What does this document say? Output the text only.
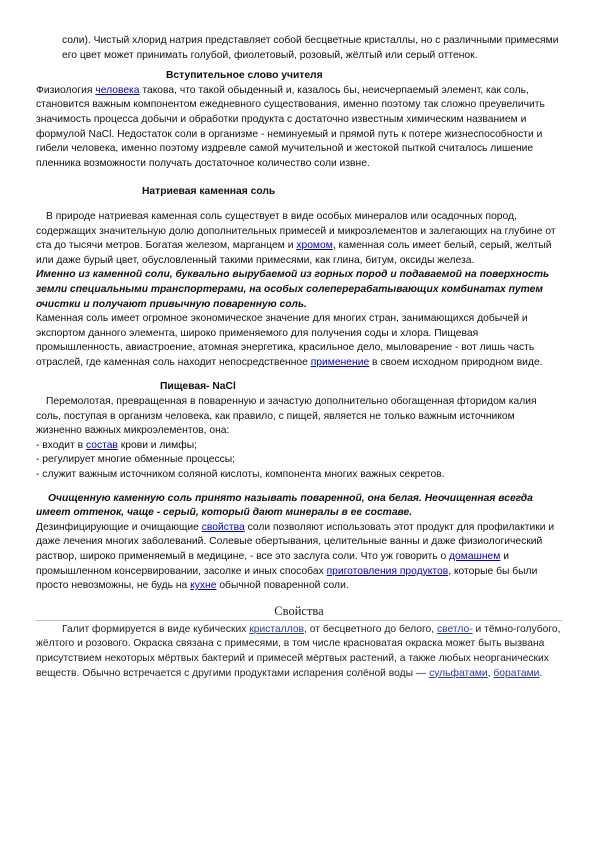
соли). Чистый хлорид натрия представляет собой бесцветные кристаллы, но с различными примесями его цвет может принимать голубой, фиолетовый, розовый, жёлтый или серый оттенок.

Вступительное слово учителя

Физиология человека такова, что такой обыденный и, казалось бы, неисчерпаемый элемент, как соль, становится важным компонентом ежедневного существования, именно поэтому так сложно преувеличить значимость процесса добычи и обработки продукта с достаточно известным химическим названием и формулой NaCl. Недостаток соли в организме - неминуемый и прямой путь к потере жизнеспособности и гибели человека, именно поэтому издревле самой мучительной и жестокой пыткой считалось лишение пленника возможности получать достаточное количество соли извне.

Натриевая каменная соль

В природе натриевая каменная соль существует в виде особых минералов или осадочных пород, содержащих значительную долю дополнительных примесей и микроэлементов и залегающих на глубине от ста до тысячи метров. Богатая железом, марганцем и хромом, каменная соль имеет белый, серый, желтый или даже бурый цвет, обусловленный такими примесями, как глина, битум, оксиды железа.

Именно из каменной соли, буквально вырубаемой из горных пород и подаваемой на поверхность земли специальными транспортерами, на особых солеперерабатывающих комбинатах путем очистки и получают привычную поваренную соль.

Каменная соль имеет огромное экономическое значение для многих стран, занимающихся добычей и экспортом данного элемента, широко применяемого для получения соды и хлора. Пищевая промышленность, авиастроение, атомная энергетика, красильное дело, мыловарение - вот лишь часть отраслей, где каменная соль находит непосредственное применение в своем исходном природном виде.

Пищевая- NaCl

Перемолотая, превращенная в поваренную и зачастую дополнительно обогащенная фторидом калия соль, поступая в организм человека, как правило, с пищей, является не только важным источником жизненно важных микроэлементов, она:

- входит в состав крови и лимфы;

- регулирует многие обменные процессы;

- служит важным источником соляной кислоты, компонента многих важных секретов.

Очищенную каменную соль принято называть поваренной, она белая. Неочищенная всегда имеет оттенок, чаще - серый, который дают минералы в ее составе.

Дезинфицирующие и очищающие свойства соли позволяют использовать этот продукт для профилактики и даже лечения многих заболеваний. Солевые обертывания, целительные ванны и даже физиологический раствор, широко применяемый в медицине, - все это заслуга соли. Что уж говорить о домашнем и промышленном консервировании, засолке и иных способах приготовления продуктов, которые бы были просто невозможны, не будь на кухне обычной поваренной соли.

Свойства

Галит формируется в виде кубических кристаллов, от бесцветного до белого, светло- и тёмно-голубого, жёлтого и розового. Окраска связана с примесями, в том числе красноватая окраска может быть вызвана присутствием некоторых мёртвых бактерий и примесей мёртвых растений, а также любых неорганических веществ. Обычно встречается с другими продуктами испарения солёной воды — сульфатами, боратами.
